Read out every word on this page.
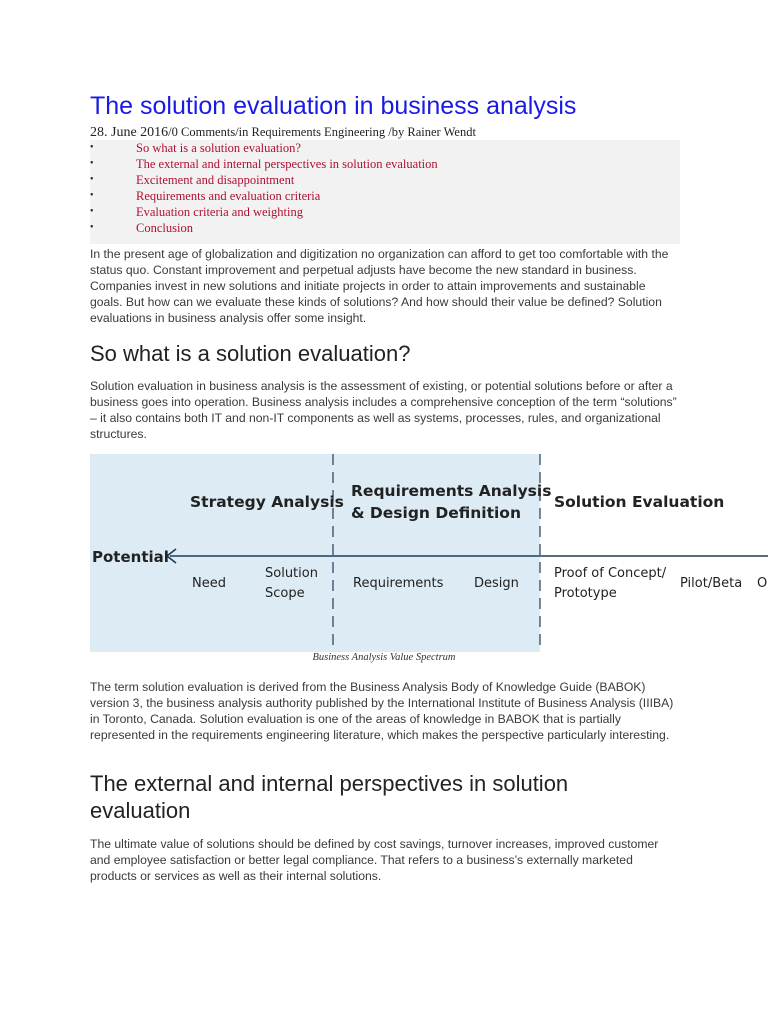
The solution evaluation in business analysis
28. June 2016/0 Comments/in Requirements Engineering /by Rainer Wendt
•	So what is a solution evaluation?
•	The external and internal perspectives in solution evaluation
•	Excitement and disappointment
•	Requirements and evaluation criteria
•	Evaluation criteria and weighting
•	Conclusion

In the present age of globalization and digitization no organization can afford to get too comfortable with the status quo. Constant improvement and perpetual adjusts have become the new standard in business. Companies invest in new solutions and initiate projects in order to attain improvements and sustainable goals. But how can we evaluate these kinds of solutions? And how should their value be defined? Solution evaluations in business analysis offer some insight.

So what is a solution evaluation?

Solution evaluation in business analysis is the assessment of existing, or potential solutions before or after a business goes into operation. Business analysis includes a comprehensive conception of the term “solutions” – it also contains both IT and non-IT components as well as systems, processes, rules, and organizational structures.

Strategy Analysis
Requirements Analysis
& Design Definition
Solution Evaluation
Potential
Need
Solution
Scope
Requirements Design
Proof of Concept/
Prototype
Pilot/Beta O
Business Analysis Value Spectrum

The term solution evaluation is derived from the Business Analysis Body of Knowledge Guide (BABOK) version 3, the business analysis authority published by the International Institute of Business Analysis (IIIBA) in Toronto, Canada. Solution evaluation is one of the areas of knowledge in BABOK that is partially represented in the requirements engineering literature, which makes the perspective particularly interesting.

The external and internal perspectives in solution
evaluation

The ultimate value of solutions should be defined by cost savings, turnover increases, improved customer and employee satisfaction or better legal compliance. That refers to a business’s externally marketed products or services as well as their internal solutions.
